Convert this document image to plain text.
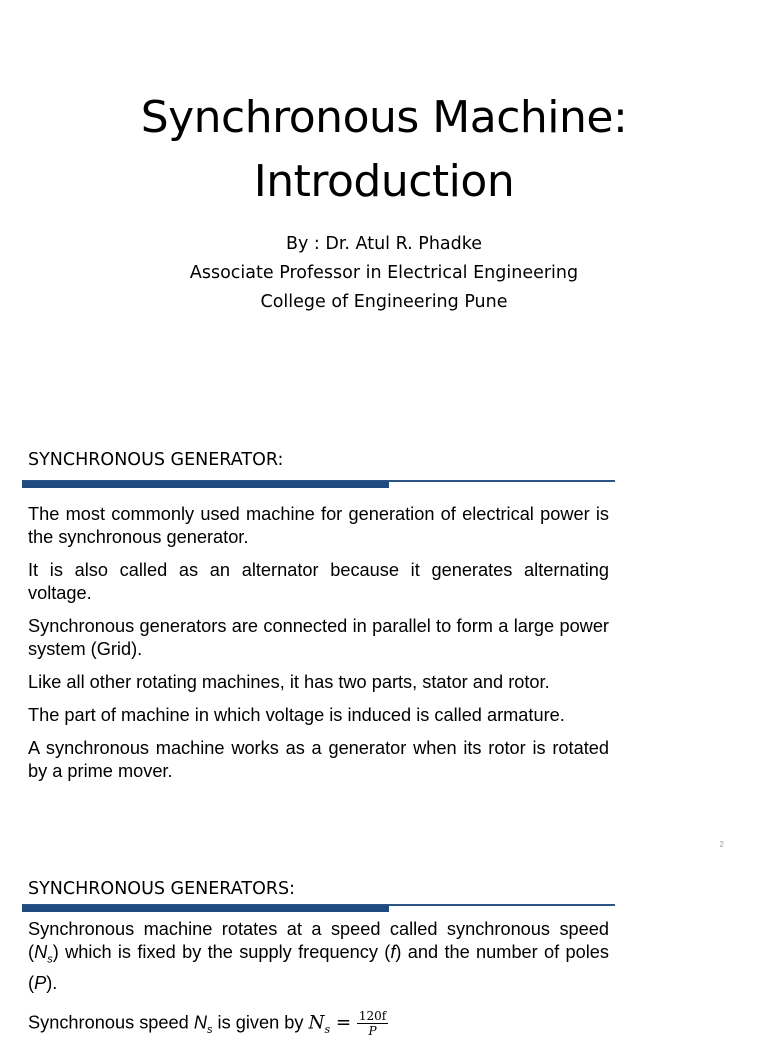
Synchronous Machine:
Introduction
By : Dr. Atul R. Phadke
Associate Professor in Electrical Engineering
College of Engineering Pune
SYNCHRONOUS GENERATOR:

The most commonly used machine for generation of electrical power is the synchronous generator.

It is also called as an alternator because it generates alternating voltage.

Synchronous generators are connected in parallel to form a large power system (Grid).

Like all other rotating machines, it has two parts, stator and rotor.

The part of machine in which voltage is induced is called armature.

A synchronous machine works as a generator when its rotor is rotated by a prime mover.

2
SYNCHRONOUS GENERATORS:

Synchronous machine rotates at a speed called synchronous speed $(N_s)$ which is fixed by the supply frequency (f) and the number of poles (P).

Synchronous speed $N_s$ is given by $N_s = \frac{120f}{P}$
